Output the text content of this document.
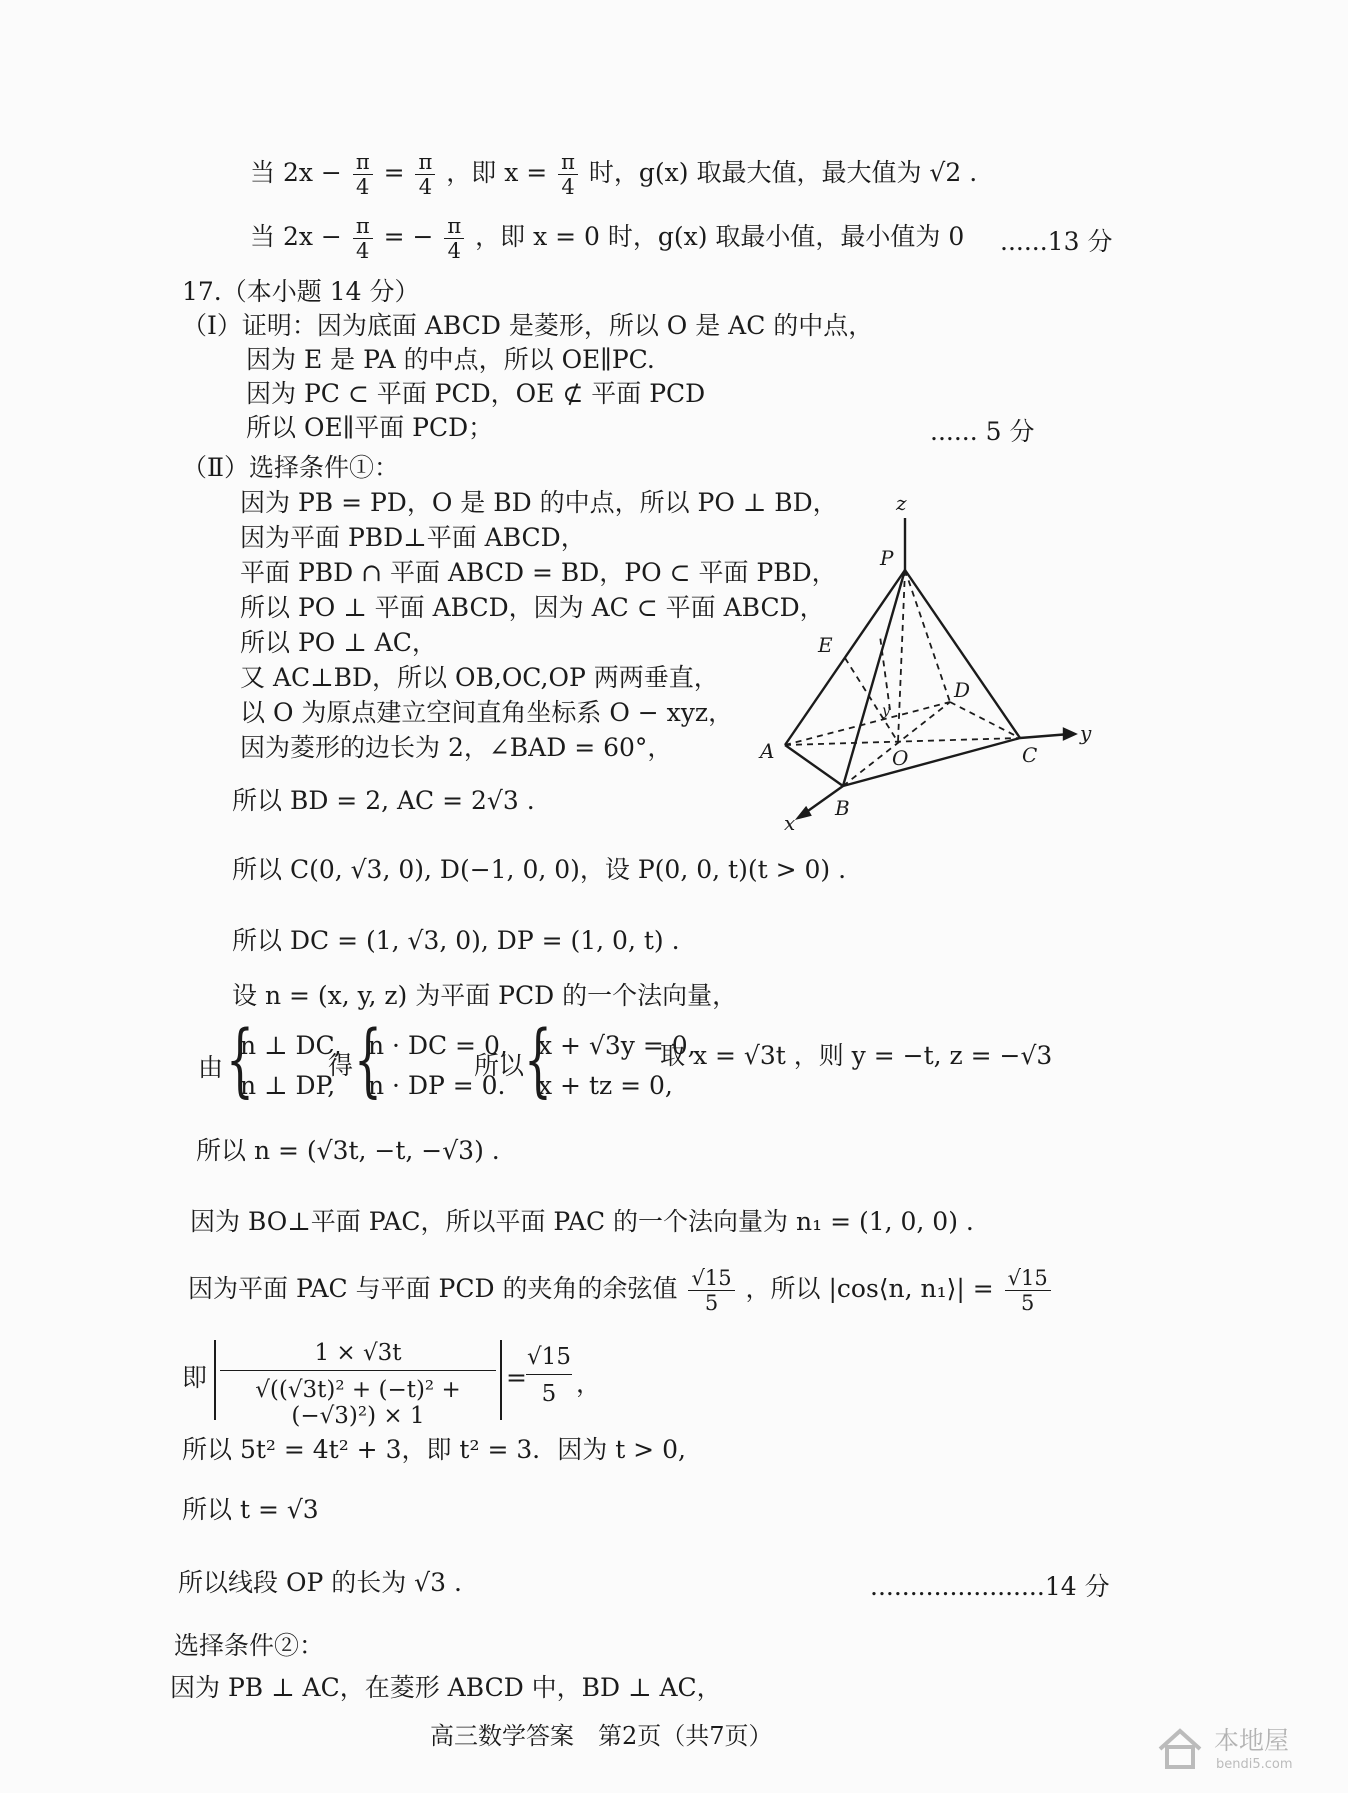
当 $2x - \frac{\pi}{4} = \frac{\pi}{4}$ ，即 $x = \frac{\pi}{4}$ 时，g(x) 取最大值，最大值为 √2 .
当 $2x - \frac{\pi}{4}$ = − $\frac{\pi}{4}$ ，即 x = 0 时，g(x) 取最小值，最小值为 0 ......13 分
17.（本小题 14 分）
（Ⅰ）证明：因为底面 ABCD 是菱形，所以 O 是 AC 的中点，
因为 E 是 PA 的中点，所以 OE∥PC.
因为 PC ⊂ 平面 PCD，OE ⊄ 平面 PCD
所以 OE∥平面 PCD；	...... 5 分
（Ⅱ）选择条件①：
因为 PB = PD，O 是 BD 的中点，所以 PO ⊥ BD，
因为平面 PBD⊥平面 ABCD，
平面 PBD ∩ 平面 ABCD = BD，PO ⊂ 平面 PBD，
所以 PO ⊥ 平面 ABCD，因为 AC ⊂ 平面 ABCD，
所以 PO ⊥ AC，
又 AC⊥BD，所以 OB,OC,OP 两两垂直，
以 O 为原点建立空间直角坐标系 O − xyz，
因为菱形的边长为 2，∠BAD = 60°，
所以 BD = 2, AC = 2√3 .
所以 C(0, √3, 0), D(−1, 0, 0)，设 P(0, 0, t)(t > 0) .
所以 DC = (1, √3, 0), DP = (1, 0, t) .
设 n = (x, y, z) 为平面 PCD 的一个法向量，
由 {
n ⊥ DC,
n ⊥ DP,
得 {
n · DC = 0,
n · DP = 0.
所以 {
x + √3y = 0,
x + tz = 0,
取 x = √3t ，则 y = −t, z = −√3
所以 n = (√3t, −t, −√3) .
因为 BO⊥平面 PAC，所以平面 PAC 的一个法向量为 n₁ = (1, 0, 0) .
因为平面 PAC 与平面 PCD 的夹角的余弦值 $\frac{√15}{5}$ ，所以 |cos⟨n, n₁⟩| = $\frac{√15}{5}$
即 $\frac{1 \times √3t}{\text{√((√3t)² + (−t)² + (−√3)²) × 1}} = \frac{√15}{5}$ ，
所以 5t² = 4t² + 3，即 t² = 3．因为 t > 0,
所以 t = √3
所以线段 OP 的长为 √3 .	......................14 分
选择条件②：
因为 PB ⊥ AC，在菱形 ABCD 中，BD ⊥ AC，
z
P
E
D
y
A	O	C
y
x
B
高三数学答案　第2页（共7页）	本地屋
bendi5.com
